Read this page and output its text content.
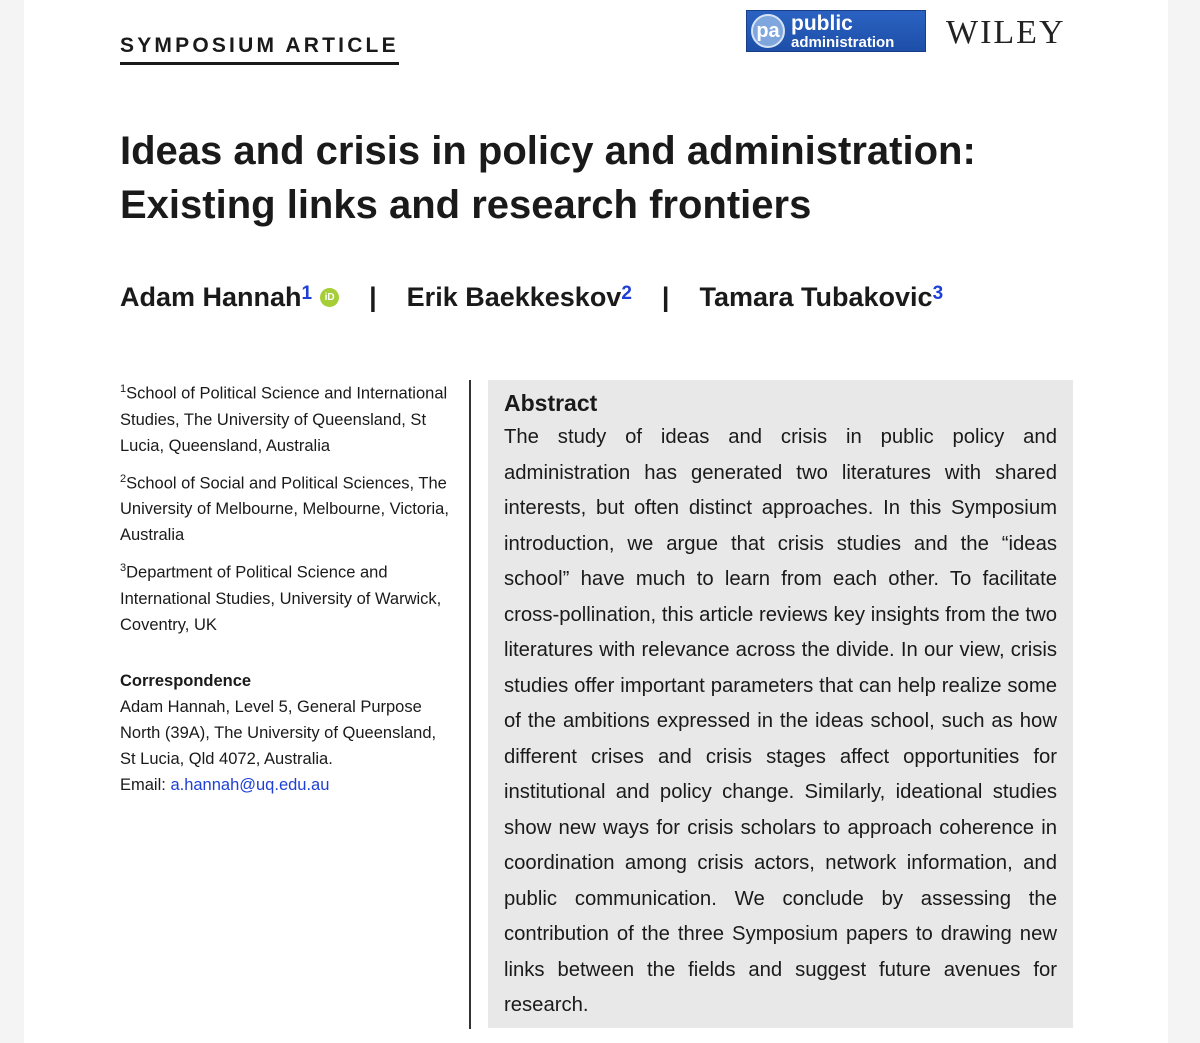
SYMPOSIUM ARTICLE
pa public
administration WILEY
Ideas and crisis in policy and administration: Existing links and research frontiers
Adam Hannah$^1$	iD | Erik Baekkeskov$^2$ | Tamara Tubakovic$^3$

$^1$School of Political Science and International Studies, The University of Queensland, St Lucia, Queensland, Australia

$^2$School of Social and Political Sciences, The University of Melbourne, Melbourne, Victoria, Australia

$^3$Department of Political Science and International Studies, University of Warwick, Coventry, UK

Correspondence
Adam Hannah, Level 5, General Purpose North (39A), The University of Queensland, St Lucia, Qld 4072, Australia.
Email: a.hannah@uq.edu.au

Abstract

The study of ideas and crisis in public policy and administration has generated two literatures with shared interests, but often distinct approaches. In this Symposium introduction, we argue that crisis studies and the “ideas school” have much to learn from each other. To facilitate cross-pollination, this article reviews key insights from the two literatures with relevance across the divide. In our view, crisis studies offer important parameters that can help realize some of the ambitions expressed in the ideas school, such as how different crises and crisis stages affect opportunities for institutional and policy change. Similarly, ideational studies show new ways for crisis scholars to approach coherence in coordination among crisis actors, network information, and public communication. We conclude by assessing the contribution of the three Symposium papers to drawing new links between the fields and suggest future avenues for research.
